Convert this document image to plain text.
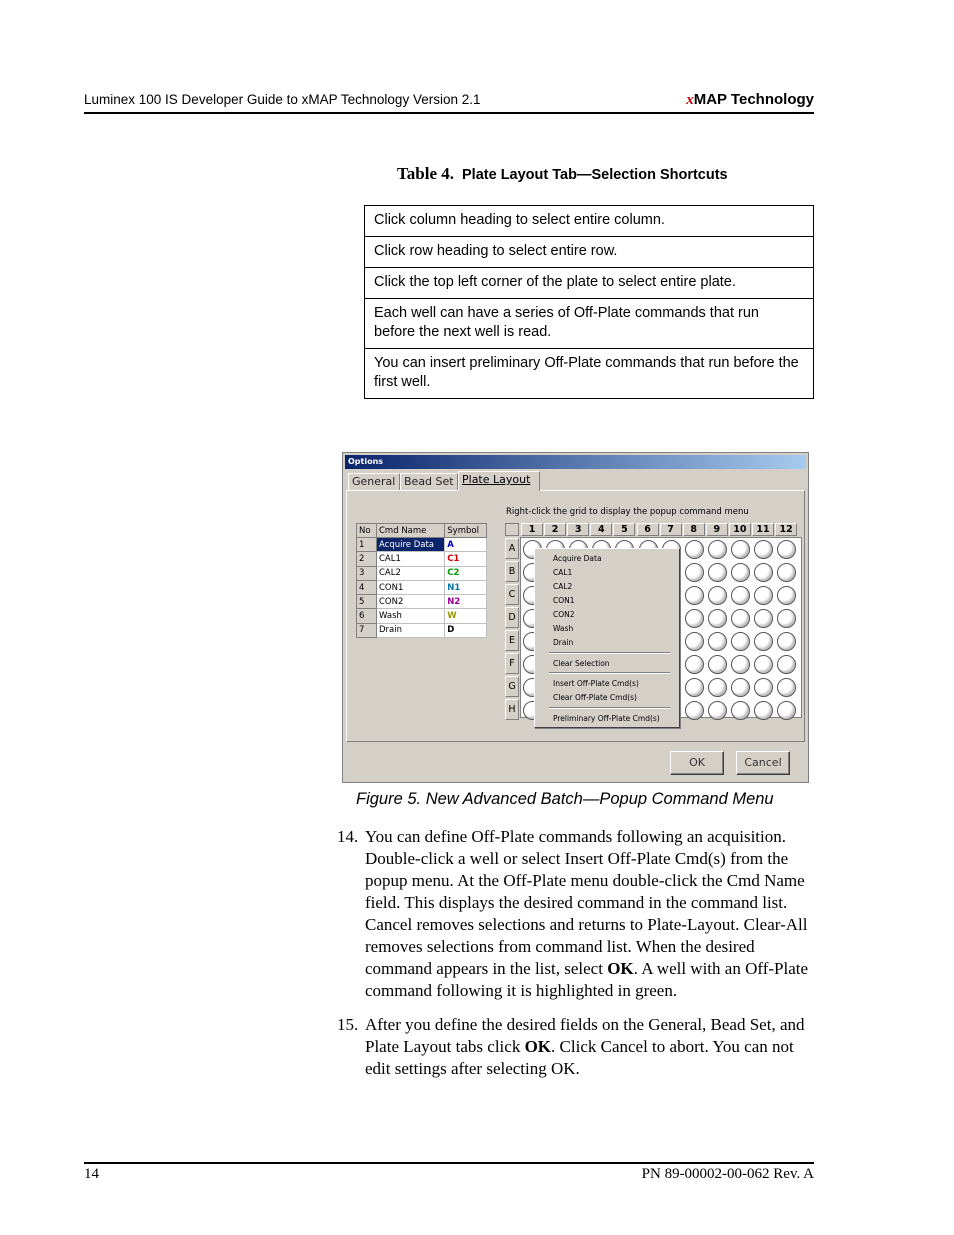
Luminex 100 IS Developer Guide to xMAP Technology Version 2.1	xMAP Technology
Table 4. Plate Layout Tab—Selection Shortcuts
Click column heading to select entire column.
Click row heading to select entire row.
Click the top left corner of the plate to select entire plate.
Each well can have a series of Off-Plate commands that run before the next well is read.
You can insert preliminary Off-Plate commands that run before the first well.
Options
General Bead Set Plate Layout
No	Cmd Name	Symbol
1	Acquire Data	A
2	CAL1	C1
3	CAL2	C2
4	CON1	N1
5	CON2	N2
6	Wash	W
7	Drain	D
Right-click the grid to display the popup command menu
1	2	3	4	5	6	7	8	9	10	11	12
A
B
C
D
E
F
G
H
Acquire Data
CAL1
CAL2
CON1
CON2
Wash
Drain
Clear Selection
Insert Off-Plate Cmd(s)
Clear Off-Plate Cmd(s)
Preliminary Off-Plate Cmd(s)
OK	Cancel
Figure 5. New Advanced Batch—Popup Command Menu
14. You can define Off-Plate commands following an acquisition. Double-click a well or select Insert Off-Plate Cmd(s) from the popup menu. At the Off-Plate menu double-click the Cmd Name field. This displays the desired command in the command list. Cancel removes selections and returns to Plate-Layout. Clear-All removes selections from command list. When the desired command appears in the list, select OK. A well with an Off-Plate command following it is highlighted in green.
15. After you define the desired fields on the General, Bead Set, and Plate Layout tabs click OK. Click Cancel to abort. You can not edit settings after selecting OK.
14	PN 89-00002-00-062 Rev. A
